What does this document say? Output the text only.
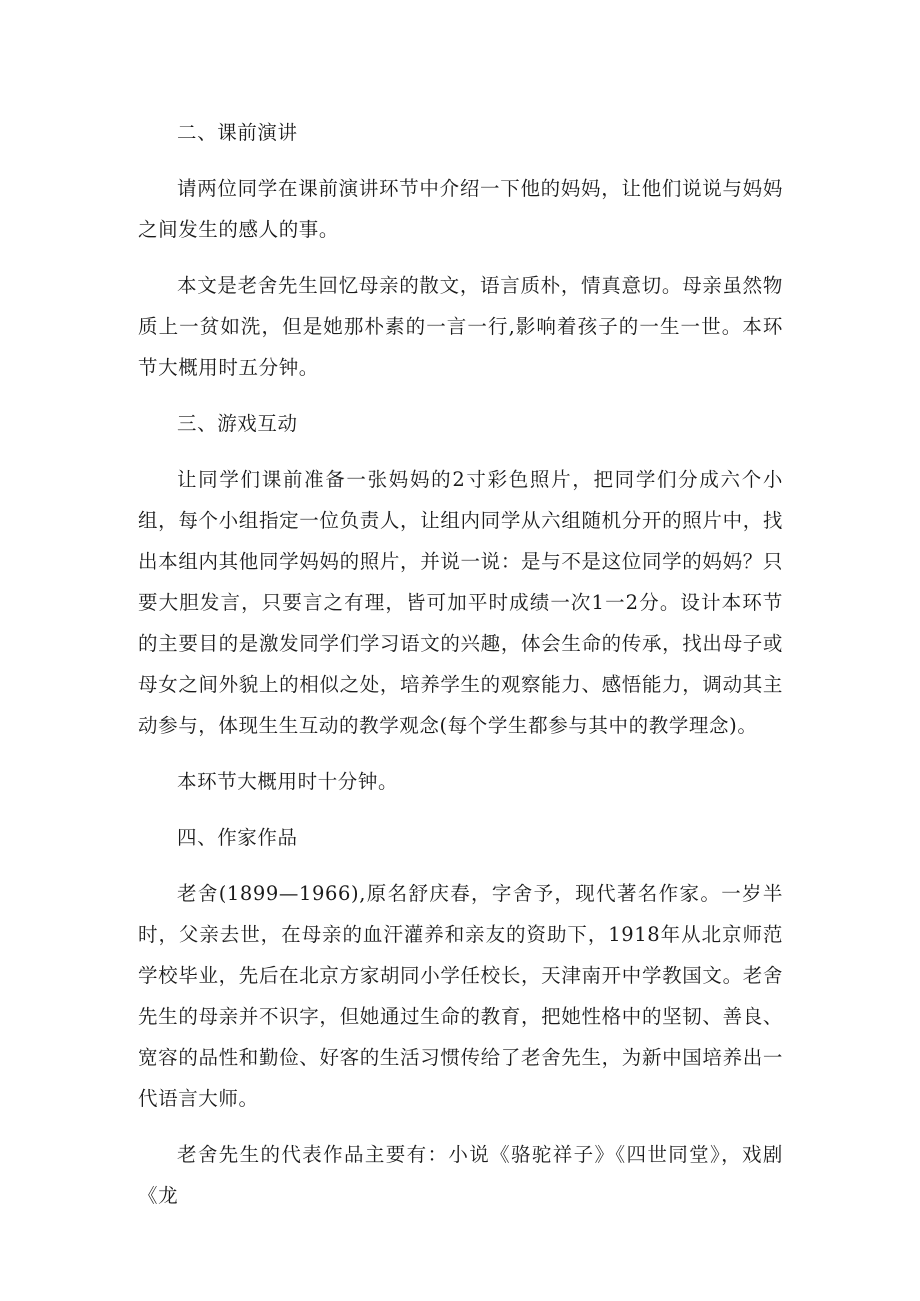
二、课前演讲

请两位同学在课前演讲环节中介绍一下他的妈妈，让他们说说与妈妈之间发生的感人的事。

本文是老舍先生回忆母亲的散文，语言质朴，情真意切。母亲虽然物质上一贫如洗，但是她那朴素的一言一行,影响着孩子的一生一世。本环节大概用时五分钟。

三、游戏互动

让同学们课前准备一张妈妈的2寸彩色照片，把同学们分成六个小组，每个小组指定一位负责人，让组内同学从六组随机分开的照片中，找出本组内其他同学妈妈的照片，并说一说：是与不是这位同学的妈妈？只要大胆发言，只要言之有理，皆可加平时成绩一次1一2分。设计本环节的主要目的是激发同学们学习语文的兴趣，体会生命的传承，找出母子或母女之间外貌上的相似之处，培养学生的观察能力、感悟能力，调动其主动参与，体现生生互动的教学观念(每个学生都参与其中的教学理念)。

本环节大概用时十分钟。

四、作家作品

老舍(1899—1966),原名舒庆春，字舍予，现代著名作家。一岁半时，父亲去世，在母亲的血汗灌养和亲友的资助下，1918年从北京师范学校毕业，先后在北京方家胡同小学任校长，天津南开中学教国文。老舍先生的母亲并不识字，但她通过生命的教育，把她性格中的坚韧、善良、宽容的品性和勤俭、好客的生活习惯传给了老舍先生，为新中国培养出一代语言大师。

老舍先生的代表作品主要有：小说《骆驼祥子》《四世同堂》，戏剧《龙
